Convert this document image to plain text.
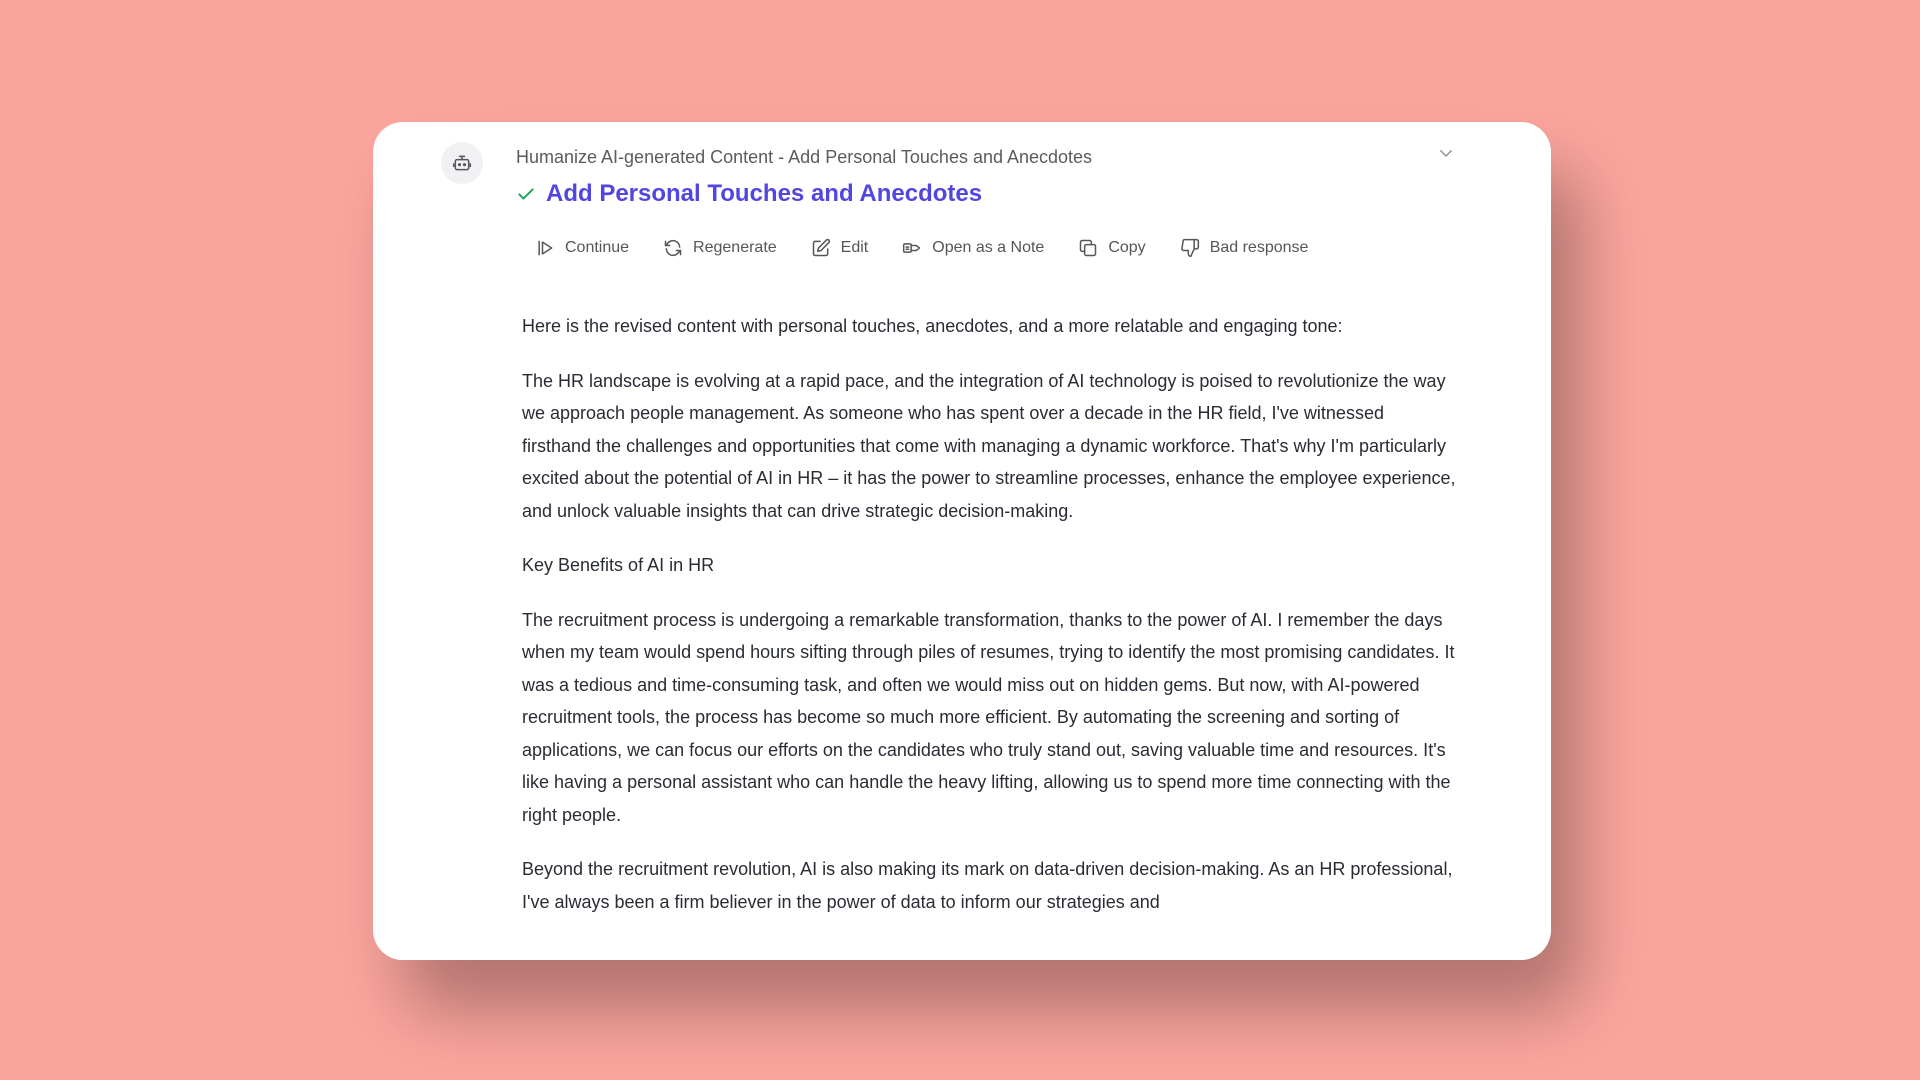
Humanize AI-generated Content - Add Personal Touches and Anecdotes
Add Personal Touches and Anecdotes
Continue	Regenerate	Edit	Open as a Note	Copy	Bad response

Here is the revised content with personal touches, anecdotes, and a more relatable and engaging tone:

The HR landscape is evolving at a rapid pace, and the integration of AI technology is poised to revolutionize the way we approach people management. As someone who has spent over a decade in the HR field, I've witnessed firsthand the challenges and opportunities that come with managing a dynamic workforce. That's why I'm particularly excited about the potential of AI in HR – it has the power to streamline processes, enhance the employee experience, and unlock valuable insights that can drive strategic decision-making.

Key Benefits of AI in HR

The recruitment process is undergoing a remarkable transformation, thanks to the power of AI. I remember the days when my team would spend hours sifting through piles of resumes, trying to identify the most promising candidates. It was a tedious and time-consuming task, and often we would miss out on hidden gems. But now, with AI-powered recruitment tools, the process has become so much more efficient. By automating the screening and sorting of applications, we can focus our efforts on the candidates who truly stand out, saving valuable time and resources. It's like having a personal assistant who can handle the heavy lifting, allowing us to spend more time connecting with the right people.

Beyond the recruitment revolution, AI is also making its mark on data-driven decision-making. As an HR professional, I've always been a firm believer in the power of data to inform our strategies and
